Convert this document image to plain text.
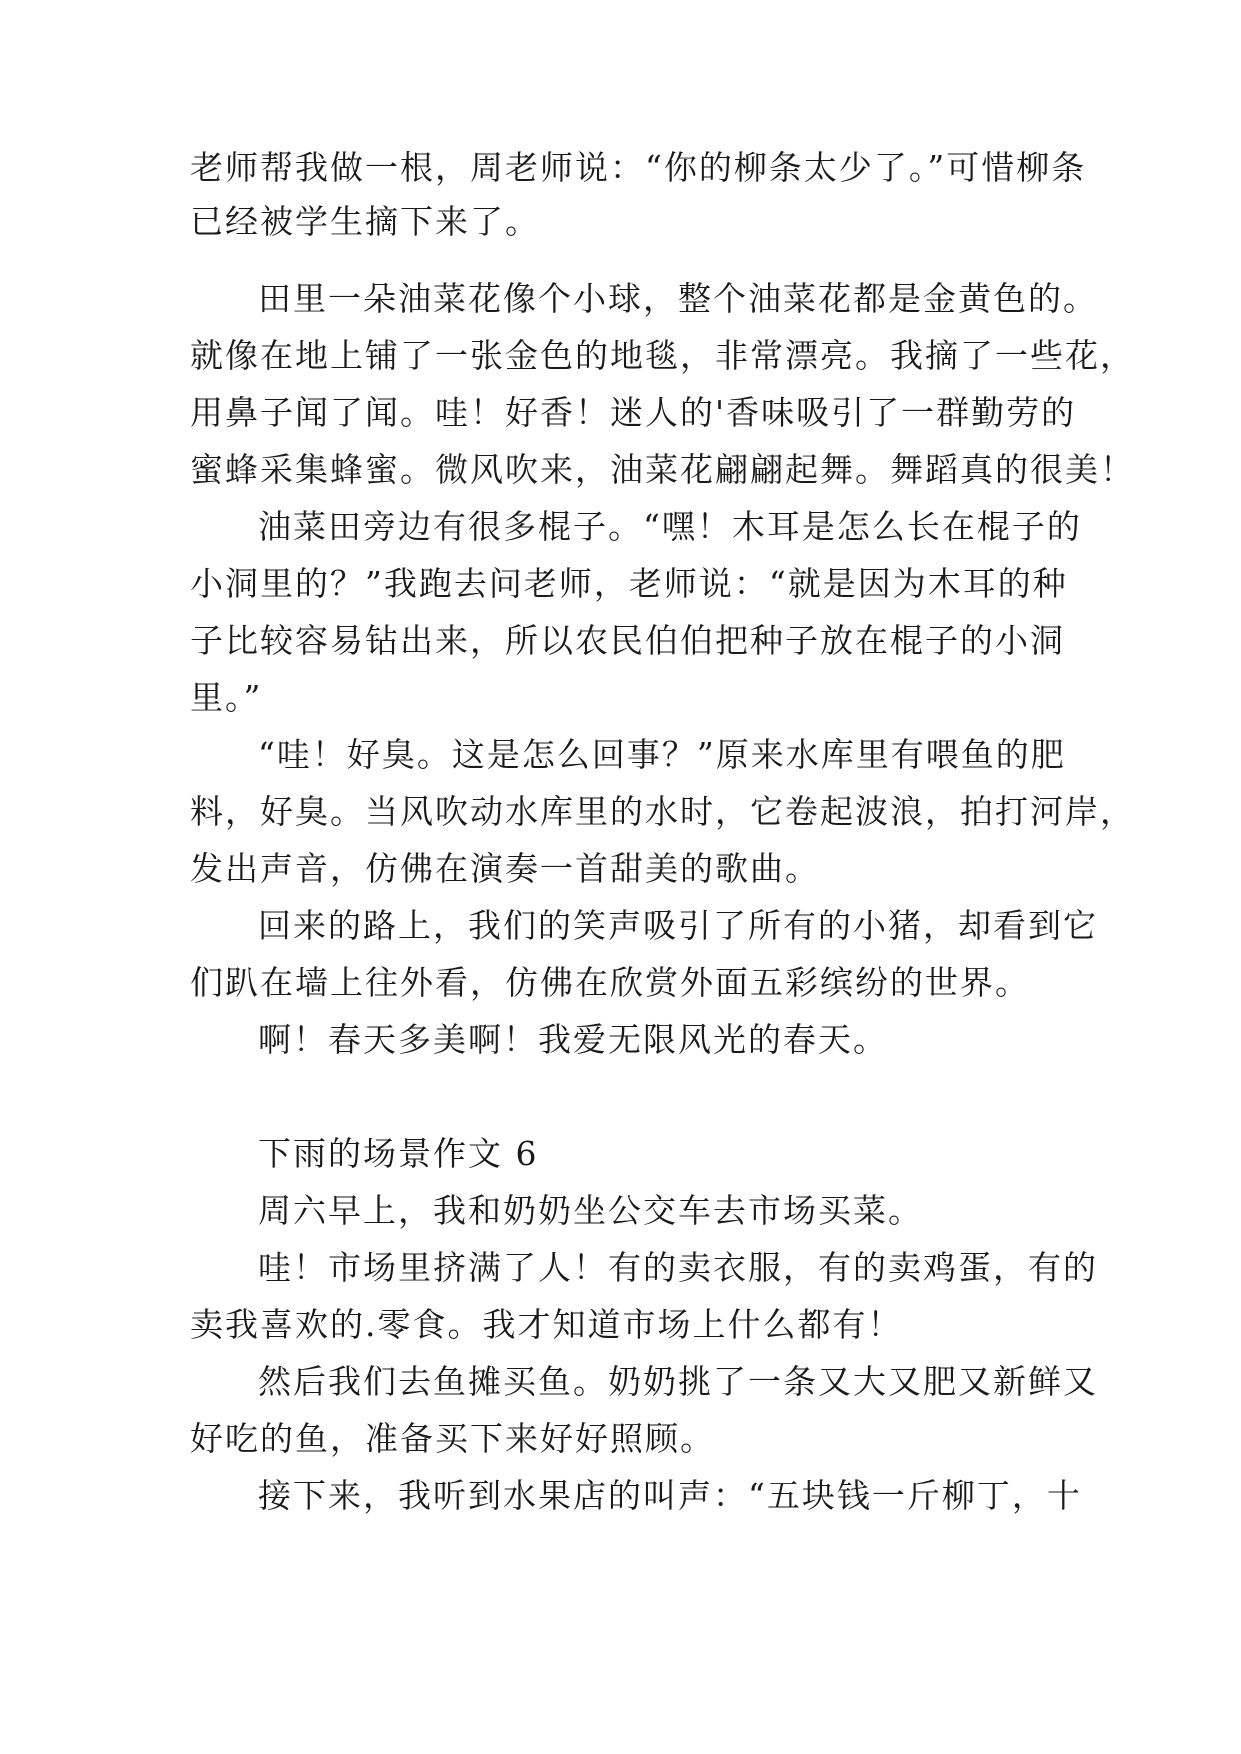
老师帮我做一根，周老师说：“你的柳条太少了。”可惜柳条
已经被学生摘下来了。
田里一朵油菜花像个小球，整个油菜花都是金黄色的。
就像在地上铺了一张金色的地毯，非常漂亮。我摘了一些花，
用鼻子闻了闻。哇！好香！迷人的'香味吸引了一群勤劳的
蜜蜂采集蜂蜜。微风吹来，油菜花翩翩起舞。舞蹈真的很美！
油菜田旁边有很多棍子。“嘿！木耳是怎么长在棍子的
小洞里的？”我跑去问老师，老师说：“就是因为木耳的种
子比较容易钻出来，所以农民伯伯把种子放在棍子的小洞
里。”
“哇！好臭。这是怎么回事？”原来水库里有喂鱼的肥
料，好臭。当风吹动水库里的水时，它卷起波浪，拍打河岸，
发出声音，仿佛在演奏一首甜美的歌曲。
回来的路上，我们的笑声吸引了所有的小猪，却看到它
们趴在墙上往外看，仿佛在欣赏外面五彩缤纷的世界。
啊！春天多美啊！我爱无限风光的春天。
下雨的场景作文 6
周六早上，我和奶奶坐公交车去市场买菜。
哇！市场里挤满了人！有的卖衣服，有的卖鸡蛋，有的
卖我喜欢的.零食。我才知道市场上什么都有！
然后我们去鱼摊买鱼。奶奶挑了一条又大又肥又新鲜又
好吃的鱼，准备买下来好好照顾。
接下来，我听到水果店的叫声：“五块钱一斤柳丁，十
